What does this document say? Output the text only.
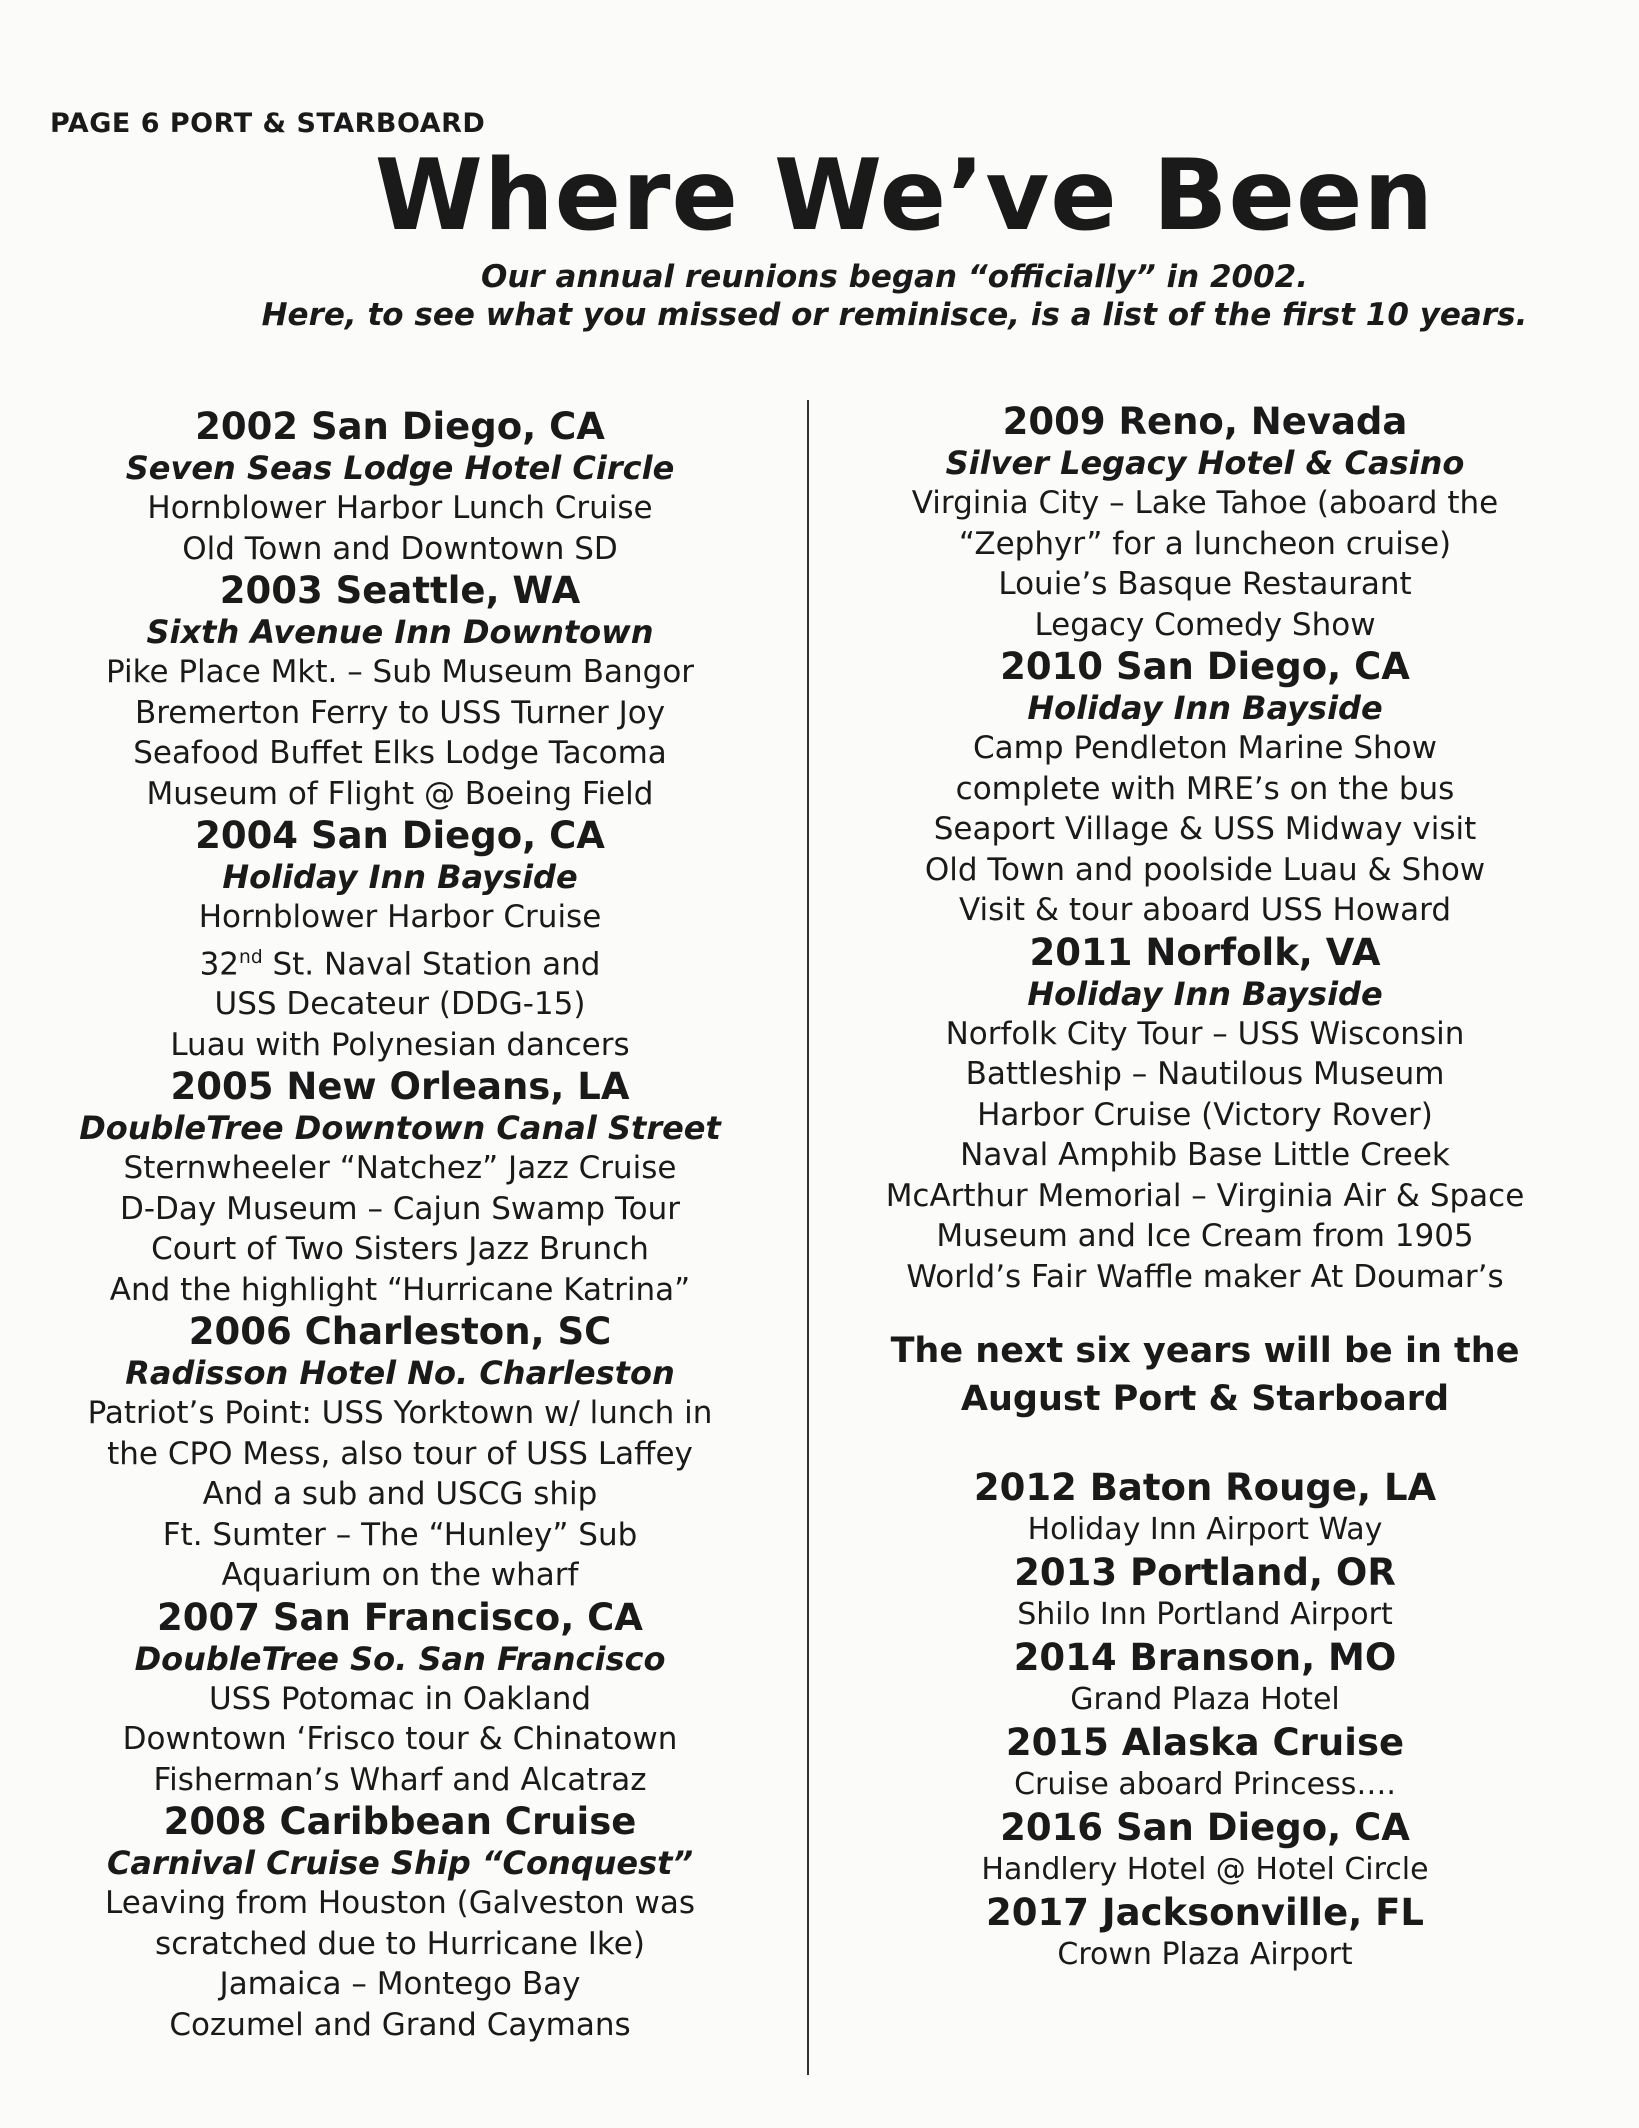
PAGE 6 PORT & STARBOARD
Where We’ve Been
Our annual reunions began “officially” in 2002.
Here, to see what you missed or reminisce, is a list of the first 10 years.
2002 San Diego, CA
Seven Seas Lodge Hotel Circle
Hornblower Harbor Lunch Cruise
Old Town and Downtown SD
2003 Seattle, WA
Sixth Avenue Inn Downtown
Pike Place Mkt. – Sub Museum Bangor
Bremerton Ferry to USS Turner Joy
Seafood Buffet Elks Lodge Tacoma
Museum of Flight @ Boeing Field
2004 San Diego, CA
Holiday Inn Bayside
Hornblower Harbor Cruise
32nd St. Naval Station and
USS Decateur (DDG-15)
Luau with Polynesian dancers
2005 New Orleans, LA
DoubleTree Downtown Canal Street
Sternwheeler “Natchez” Jazz Cruise
D-Day Museum – Cajun Swamp Tour
Court of Two Sisters Jazz Brunch
And the highlight “Hurricane Katrina”
2006 Charleston, SC
Radisson Hotel No. Charleston
Patriot’s Point: USS Yorktown w/ lunch in
the CPO Mess, also tour of USS Laffey
And a sub and USCG ship
Ft. Sumter – The “Hunley” Sub
Aquarium on the wharf
2007 San Francisco, CA
DoubleTree So. San Francisco
USS Potomac in Oakland
Downtown ‘Frisco tour & Chinatown
Fisherman’s Wharf and Alcatraz
2008 Caribbean Cruise
Carnival Cruise Ship “Conquest”
Leaving from Houston (Galveston was
scratched due to Hurricane Ike)
Jamaica – Montego Bay
Cozumel and Grand Caymans
2009 Reno, Nevada
Silver Legacy Hotel & Casino
Virginia City – Lake Tahoe (aboard the
“Zephyr” for a luncheon cruise)
Louie’s Basque Restaurant
Legacy Comedy Show
2010 San Diego, CA
Holiday Inn Bayside
Camp Pendleton Marine Show
complete with MRE’s on the bus
Seaport Village & USS Midway visit
Old Town and poolside Luau & Show
Visit & tour aboard USS Howard
2011 Norfolk, VA
Holiday Inn Bayside
Norfolk City Tour – USS Wisconsin
Battleship – Nautilous Museum
Harbor Cruise (Victory Rover)
Naval Amphib Base Little Creek
McArthur Memorial – Virginia Air & Space
Museum and Ice Cream from 1905
World’s Fair Waffle maker At Doumar’s
The next six years will be in the
August Port & Starboard
2012 Baton Rouge, LA
Holiday Inn Airport Way
2013 Portland, OR
Shilo Inn Portland Airport
2014 Branson, MO
Grand Plaza Hotel
2015 Alaska Cruise
Cruise aboard Princess….
2016 San Diego, CA
Handlery Hotel @ Hotel Circle
2017 Jacksonville, FL
Crown Plaza Airport
